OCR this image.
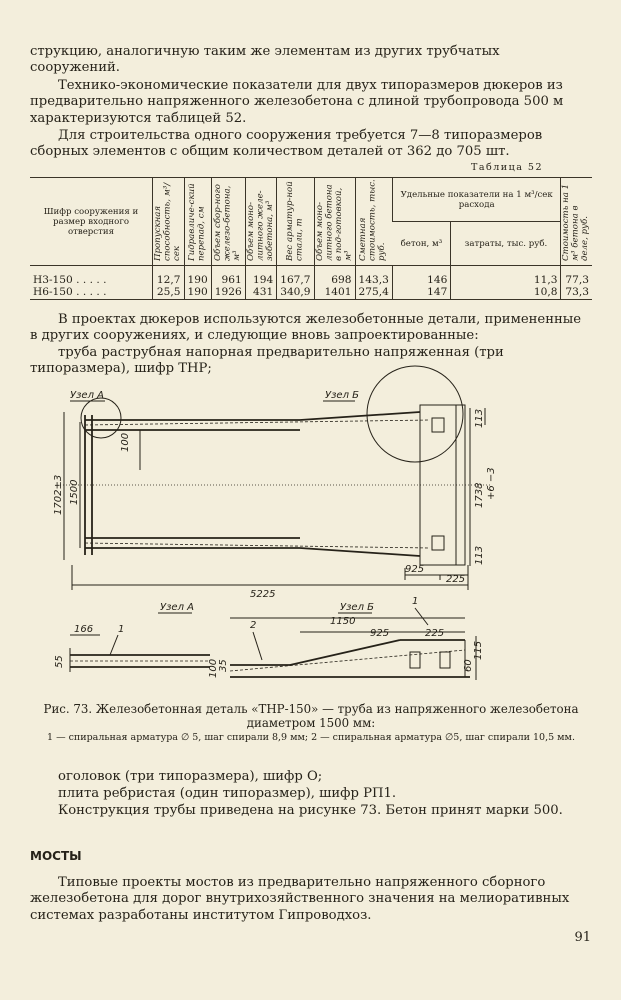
струкцию, аналогичную таким же элементам из других трубчатых сооружений.

Технико-экономические показатели для двух типоразмеров дюкеров из предварительно напряженного железобетона с длиной трубопровода 500 м характеризуются таблицей 52.

Для строительства одного сооружения требуется 7—8 типоразмеров сборных элементов с общим количеством деталей от 362 до 705 шт.

Таблица 52
Шифр сооружения и размер входного отверстия	Пропускная способность, м³/сек	Гидравличе-ский перепад, см	Объем сбор-ного железо-бетона, м³	Объем моно-литного желе-зобетона, м³	Вес арматур-ной стали, т	Объем моно-литного бетона в под-готовкой, м³	Сметная стоимость, тыс. руб.	Удельные показатели на 1 м³/сек расхода		Стоимость на 1 м³ бетона в деле, руб.
								бетон, м³	затраты, тыс. руб.	
Н3-150 . . . . .	12,7	190	961	194	167,7	698	143,3	146	11,3	77,3
Н6-150 . . . . .	25,5	190	1926	431	340,9	1401	275,4	147	10,8	73,3

В проектах дюкеров используются железобетонные детали, примененные в других сооружениях, и следующие вновь запроектированные:

труба раструбная напорная предварительно напряженная (три типоразмера), шифр ТНР;

Узел А	Узел Б
1702±3 1500
100
5225
925
225
113
1738 +6 −3
113
Узел А
166 1
55
Узел Б
1
1150
925	225
2
100 35
115
60

Рис. 73. Железобетонная деталь «ТНР-150» — труба из напряженного железобетона диаметром 1500 мм:

1 — спиральная арматура ∅ 5, шаг спирали 8,9 мм; 2 — спиральная арматура ∅5, шаг спирали 10,5 мм.

оголовок (три типоразмера), шифр О;

плита ребристая (один типоразмер), шифр РП1.

Конструкция трубы приведена на рисунке 73. Бетон принят марки 500.

МОСТЫ

Типовые проекты мостов из предварительно напряженного сборного железобетона для дорог внутрихозяйственного значения на мелиоративных системах разработаны институтом Гипроводхоз.

91
